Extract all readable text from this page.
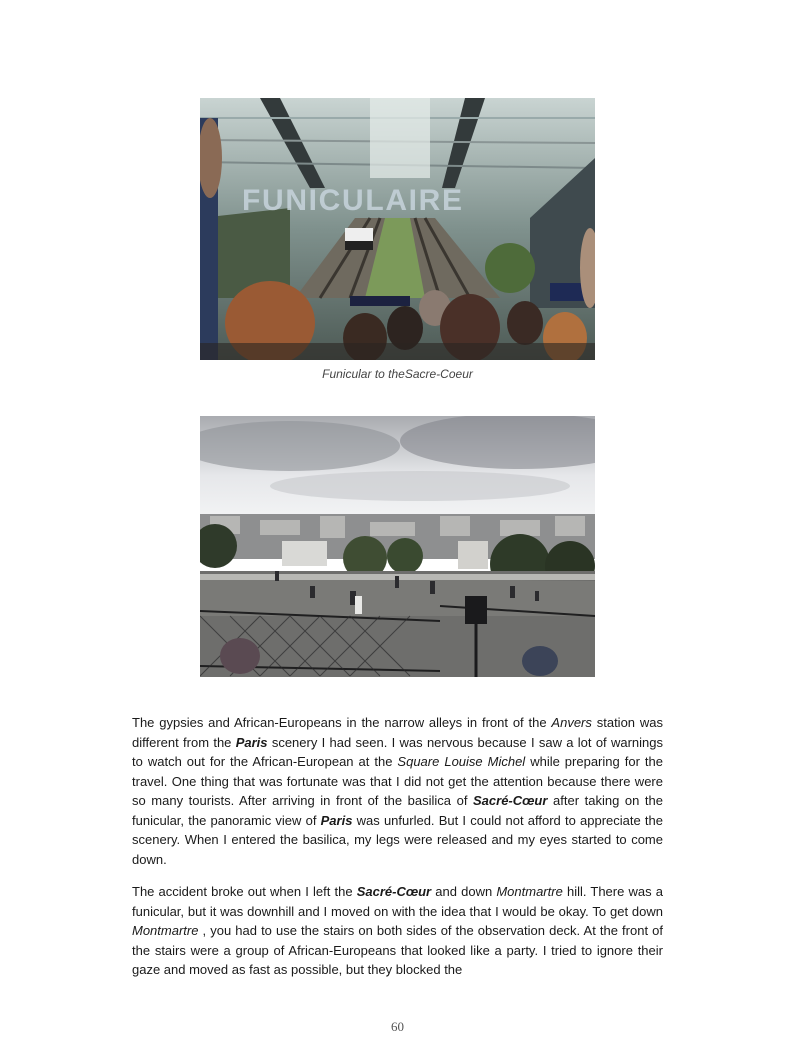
FUNICULAIRE
Funicular to theSacre-Coeur

The gypsies and African-Europeans in the narrow alleys in front of the Anvers station was different from the Paris scenery I had seen. I was nervous because I saw a lot of warnings to watch out for the African-European at the Square Louise Michel while preparing for the travel. One thing that was fortunate was that I did not get the attention because there were so many tourists. After arriving in front of the basilica of Sacré-Cœur after taking on the funicular, the panoramic view of Paris was unfurled. But I could not afford to appreciate the scenery. When I entered the basilica, my legs were released and my eyes started to come down.

The accident broke out when I left the Sacré-Cœur and down Montmartre hill. There was a funicular, but it was downhill and I moved on with the idea that I would be okay. To get down Montmartre , you had to use the stairs on both sides of the observation deck. At the front of the stairs were a group of African-Europeans that looked like a party. I tried to ignore their gaze and moved as fast as possible, but they blocked the

60
